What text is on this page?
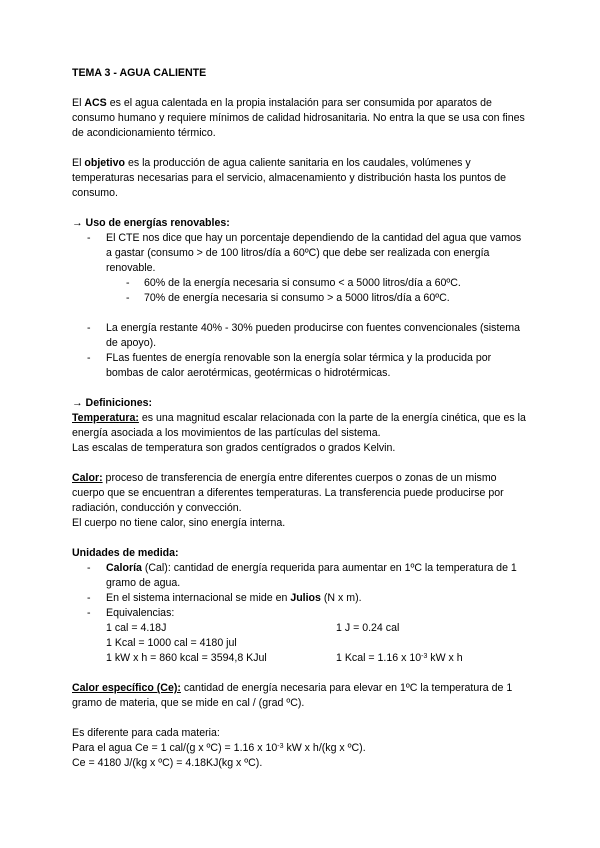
TEMA 3 - AGUA CALIENTE

El ACS es el agua calentada en la propia instalación para ser consumida por aparatos de consumo humano y requiere mínimos de calidad hidrosanitaria. No entra la que se usa con fines de acondicionamiento térmico.

El objetivo es la producción de agua caliente sanitaria en los caudales, volúmenes y temperaturas necesarias para el servicio, almacenamiento y distribución hasta los puntos de consumo.

→ Uso de energías renovables:
- El CTE nos dice que hay un porcentaje dependiendo de la cantidad del agua que vamos a gastar (consumo > de 100 litros/día a 60ºC) que debe ser realizada con energía renovable.
- 60% de la energía necesaria si consumo < a 5000 litros/día a 60ºC.
- 70% de energía necesaria si consumo > a 5000 litros/día a 60ºC.
- La energía restante 40% - 30% pueden producirse con fuentes convencionales (sistema de apoyo).
- FLas fuentes de energía renovable son la energía solar térmica y la producida por bombas de calor aerotérmicas, geotérmicas o hidrotérmicas.
→ Definiciones:

Temperatura: es una magnitud escalar relacionada con la parte de la energía cinética, que es la energía asociada a los movimientos de las partículas del sistema.

Las escalas de temperatura son grados centígrados o grados Kelvin.

Calor: proceso de transferencia de energía entre diferentes cuerpos o zonas de un mismo cuerpo que se encuentran a diferentes temperaturas. La transferencia puede producirse por radiación, conducción y convección.

El cuerpo no tiene calor, sino energía interna.

Unidades de medida:
- Caloría (Cal): cantidad de energía requerida para aumentar en 1ºC la temperatura de 1 gramo de agua.
- En el sistema internacional se mide en Julios (N x m).
- Equivalencias:
1 cal = 4.18J	1 J = 0.24 cal
1 Kcal = 1000 cal = 4180 jul
1 kW x h = 860 kcal = 3594,8 KJul	1 Kcal = 1.16 x $10^{-3}$ kW x h

Calor específico (Ce): cantidad de energía necesaria para elevar en 1ºC la temperatura de 1 gramo de materia, que se mide en cal / (grad ºC).

Es diferente para cada materia:
Para el agua Ce = 1 cal/(g x ºC) = 1.16 x $10^{-3}$ kW x h/(kg x ºC).
Ce = 4180 J/(kg x ºC) = 4.18KJ(kg x ºC).
